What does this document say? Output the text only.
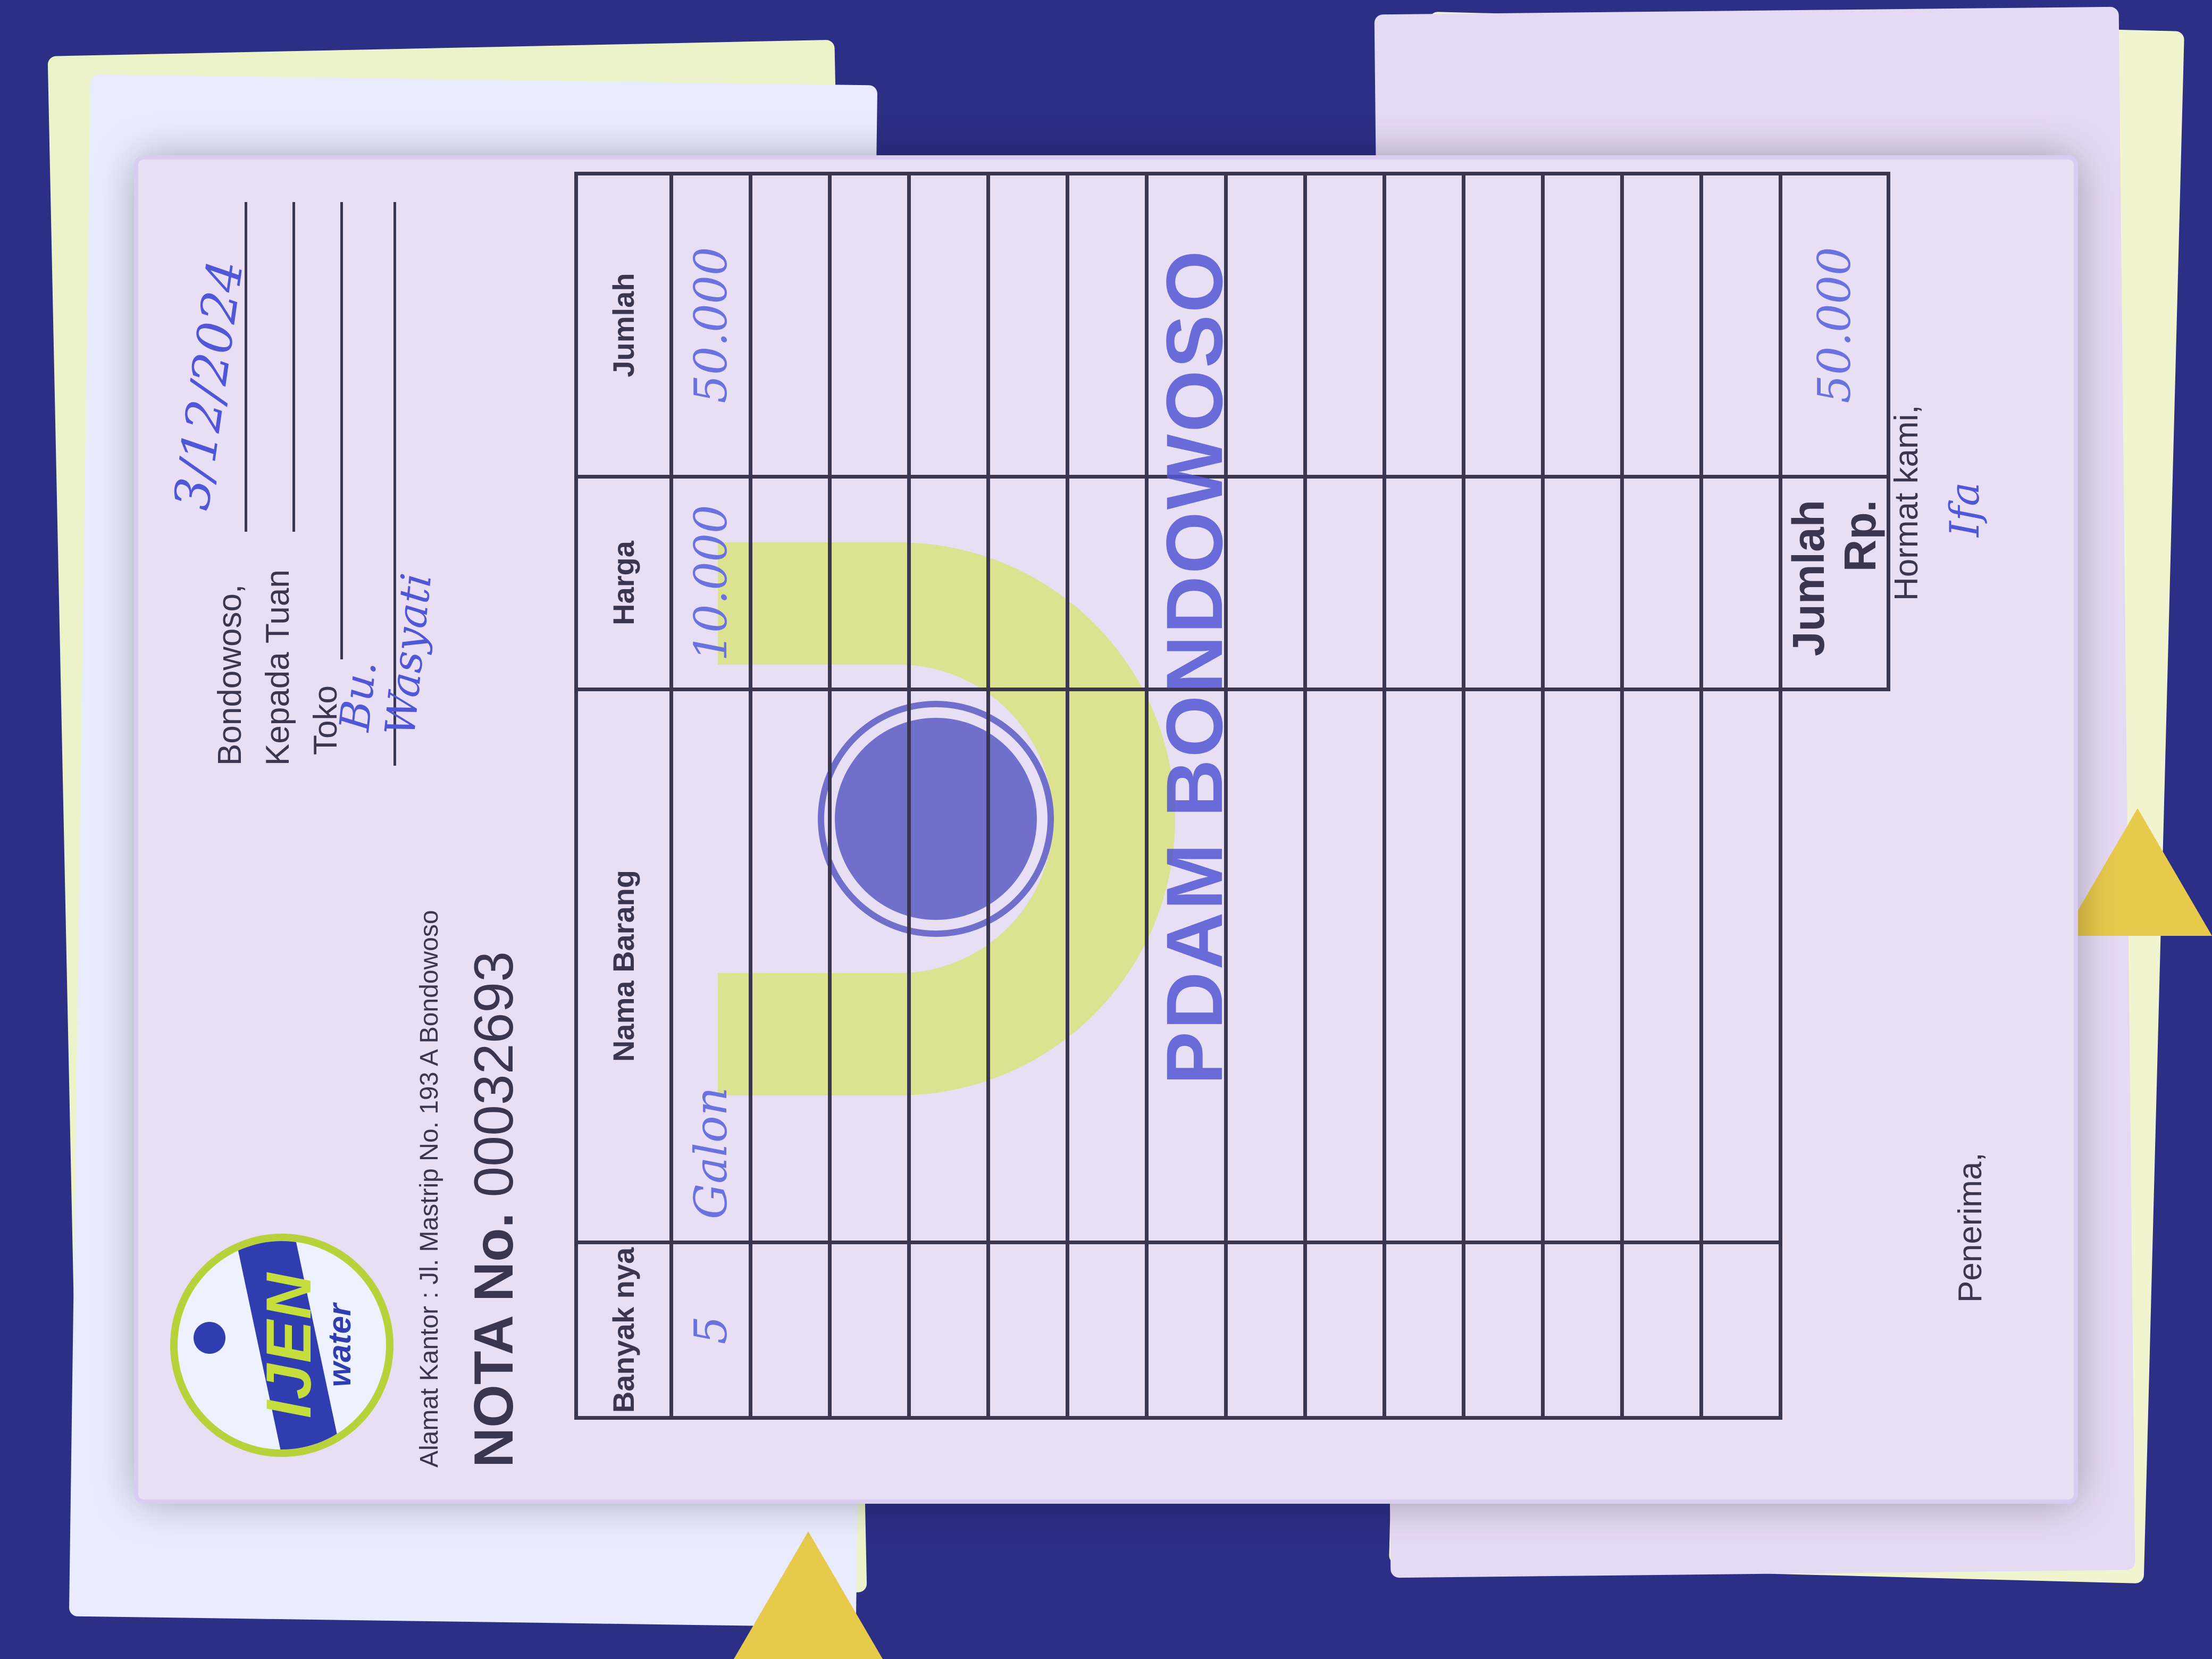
IJEN
water
Bondowoso,
3/12/2024
Kepada Tuan Toko
Bu. Wasyati
Alamat Kantor : Jl. Mastrip No. 193 A Bondowoso NOTA No. 00032693
Banyak nya	Nama Barang	Harga	Jumlah
5	Galon	10.000	50.000

		Jumlah Rp.	50.000
PDAM BONDOWOSO
Penerima,
Hormat kami, Ifa
